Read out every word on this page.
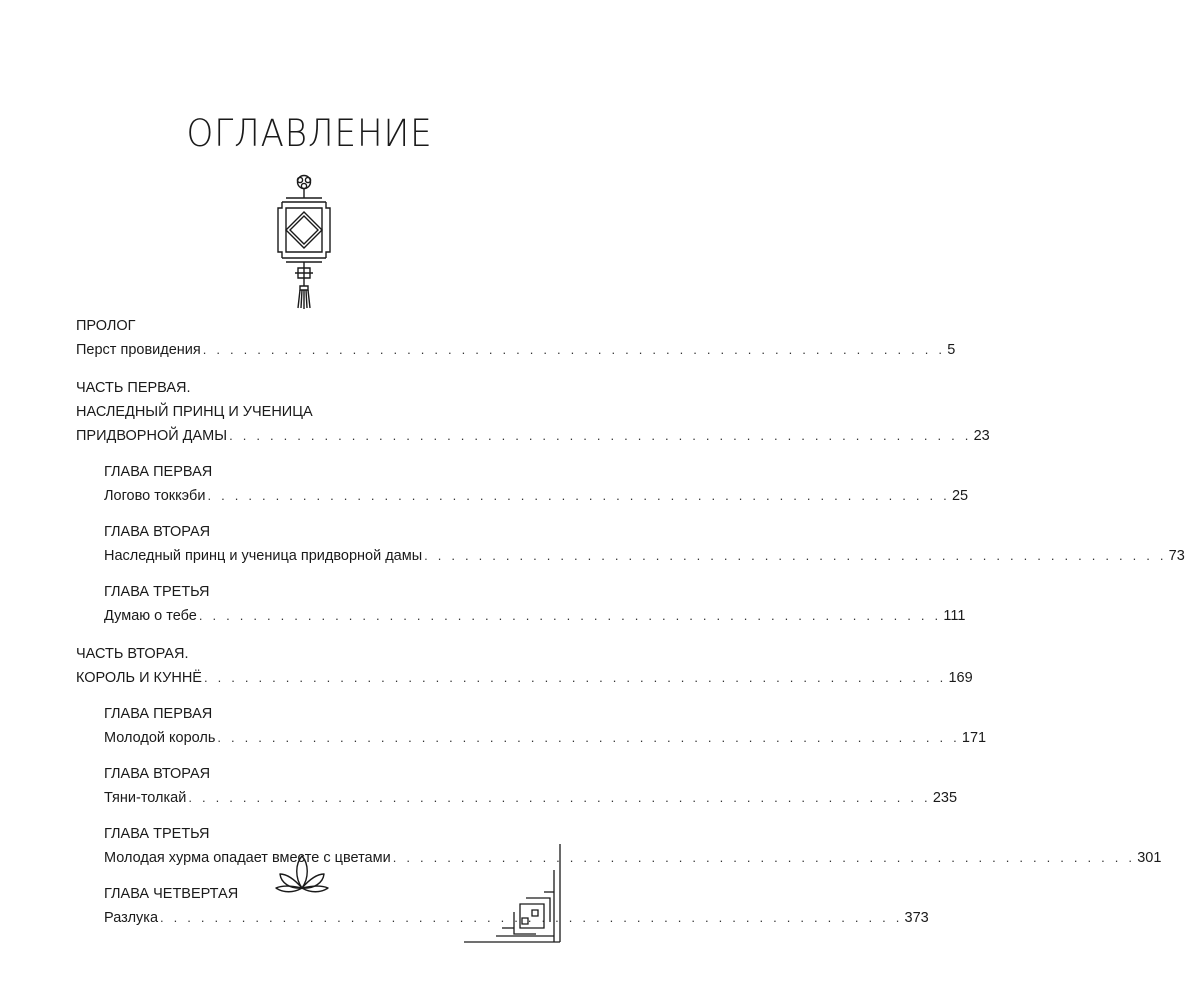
ОГЛАВЛЕНИЕ
ПРОЛОГ
Перст провидения . . . . . . . . . . . . . . . . . . . . . . . . . . . . . . . . . . . . . . . . . . . . . . . . . . . . . . . 5
ЧАСТЬ ПЕРВАЯ.
НАСЛЕДНЫЙ ПРИНЦ И УЧЕНИЦА
ПРИДВОРНОЙ ДАМЫ . . . . . . . . . . . . . . . . . . . . . . . . . . . . . . . . . . . . . . . . . . . . . . . . . . . . . . . 23
ГЛАВА ПЕРВАЯ
Логово токкэби . . . . . . . . . . . . . . . . . . . . . . . . . . . . . . . . . . . . . . . . . . . . . . . . . . . . . . . 25
ГЛАВА ВТОРАЯ
Наследный принц и ученица придворной дамы . . . . . . . . . . . . . . . . . . . . . . . . . . . . . . . . . . . . . . . . . . . . . . . . . . . . . . . 73
ГЛАВА ТРЕТЬЯ
Думаю о тебе . . . . . . . . . . . . . . . . . . . . . . . . . . . . . . . . . . . . . . . . . . . . . . . . . . . . . . . 111
ЧАСТЬ ВТОРАЯ.
КОРОЛЬ И КУННЁ . . . . . . . . . . . . . . . . . . . . . . . . . . . . . . . . . . . . . . . . . . . . . . . . . . . . . . . 169
ГЛАВА ПЕРВАЯ
Молодой король . . . . . . . . . . . . . . . . . . . . . . . . . . . . . . . . . . . . . . . . . . . . . . . . . . . . . . . 171
ГЛАВА ВТОРАЯ
Тяни-толкай . . . . . . . . . . . . . . . . . . . . . . . . . . . . . . . . . . . . . . . . . . . . . . . . . . . . . . . 235
ГЛАВА ТРЕТЬЯ
Молодая хурма опадает вместе с цветами . . . . . . . . . . . . . . . . . . . . . . . . . . . . . . . . . . . . . . . . . . . . . . . . . . . . . . . 301
ГЛАВА ЧЕТВЕРТАЯ
Разлука . . . . . . . . . . . . . . . . . . . . . . . . . . . . . . . . . . . . . . . . . . . . . . . . . . . . . . . 373
